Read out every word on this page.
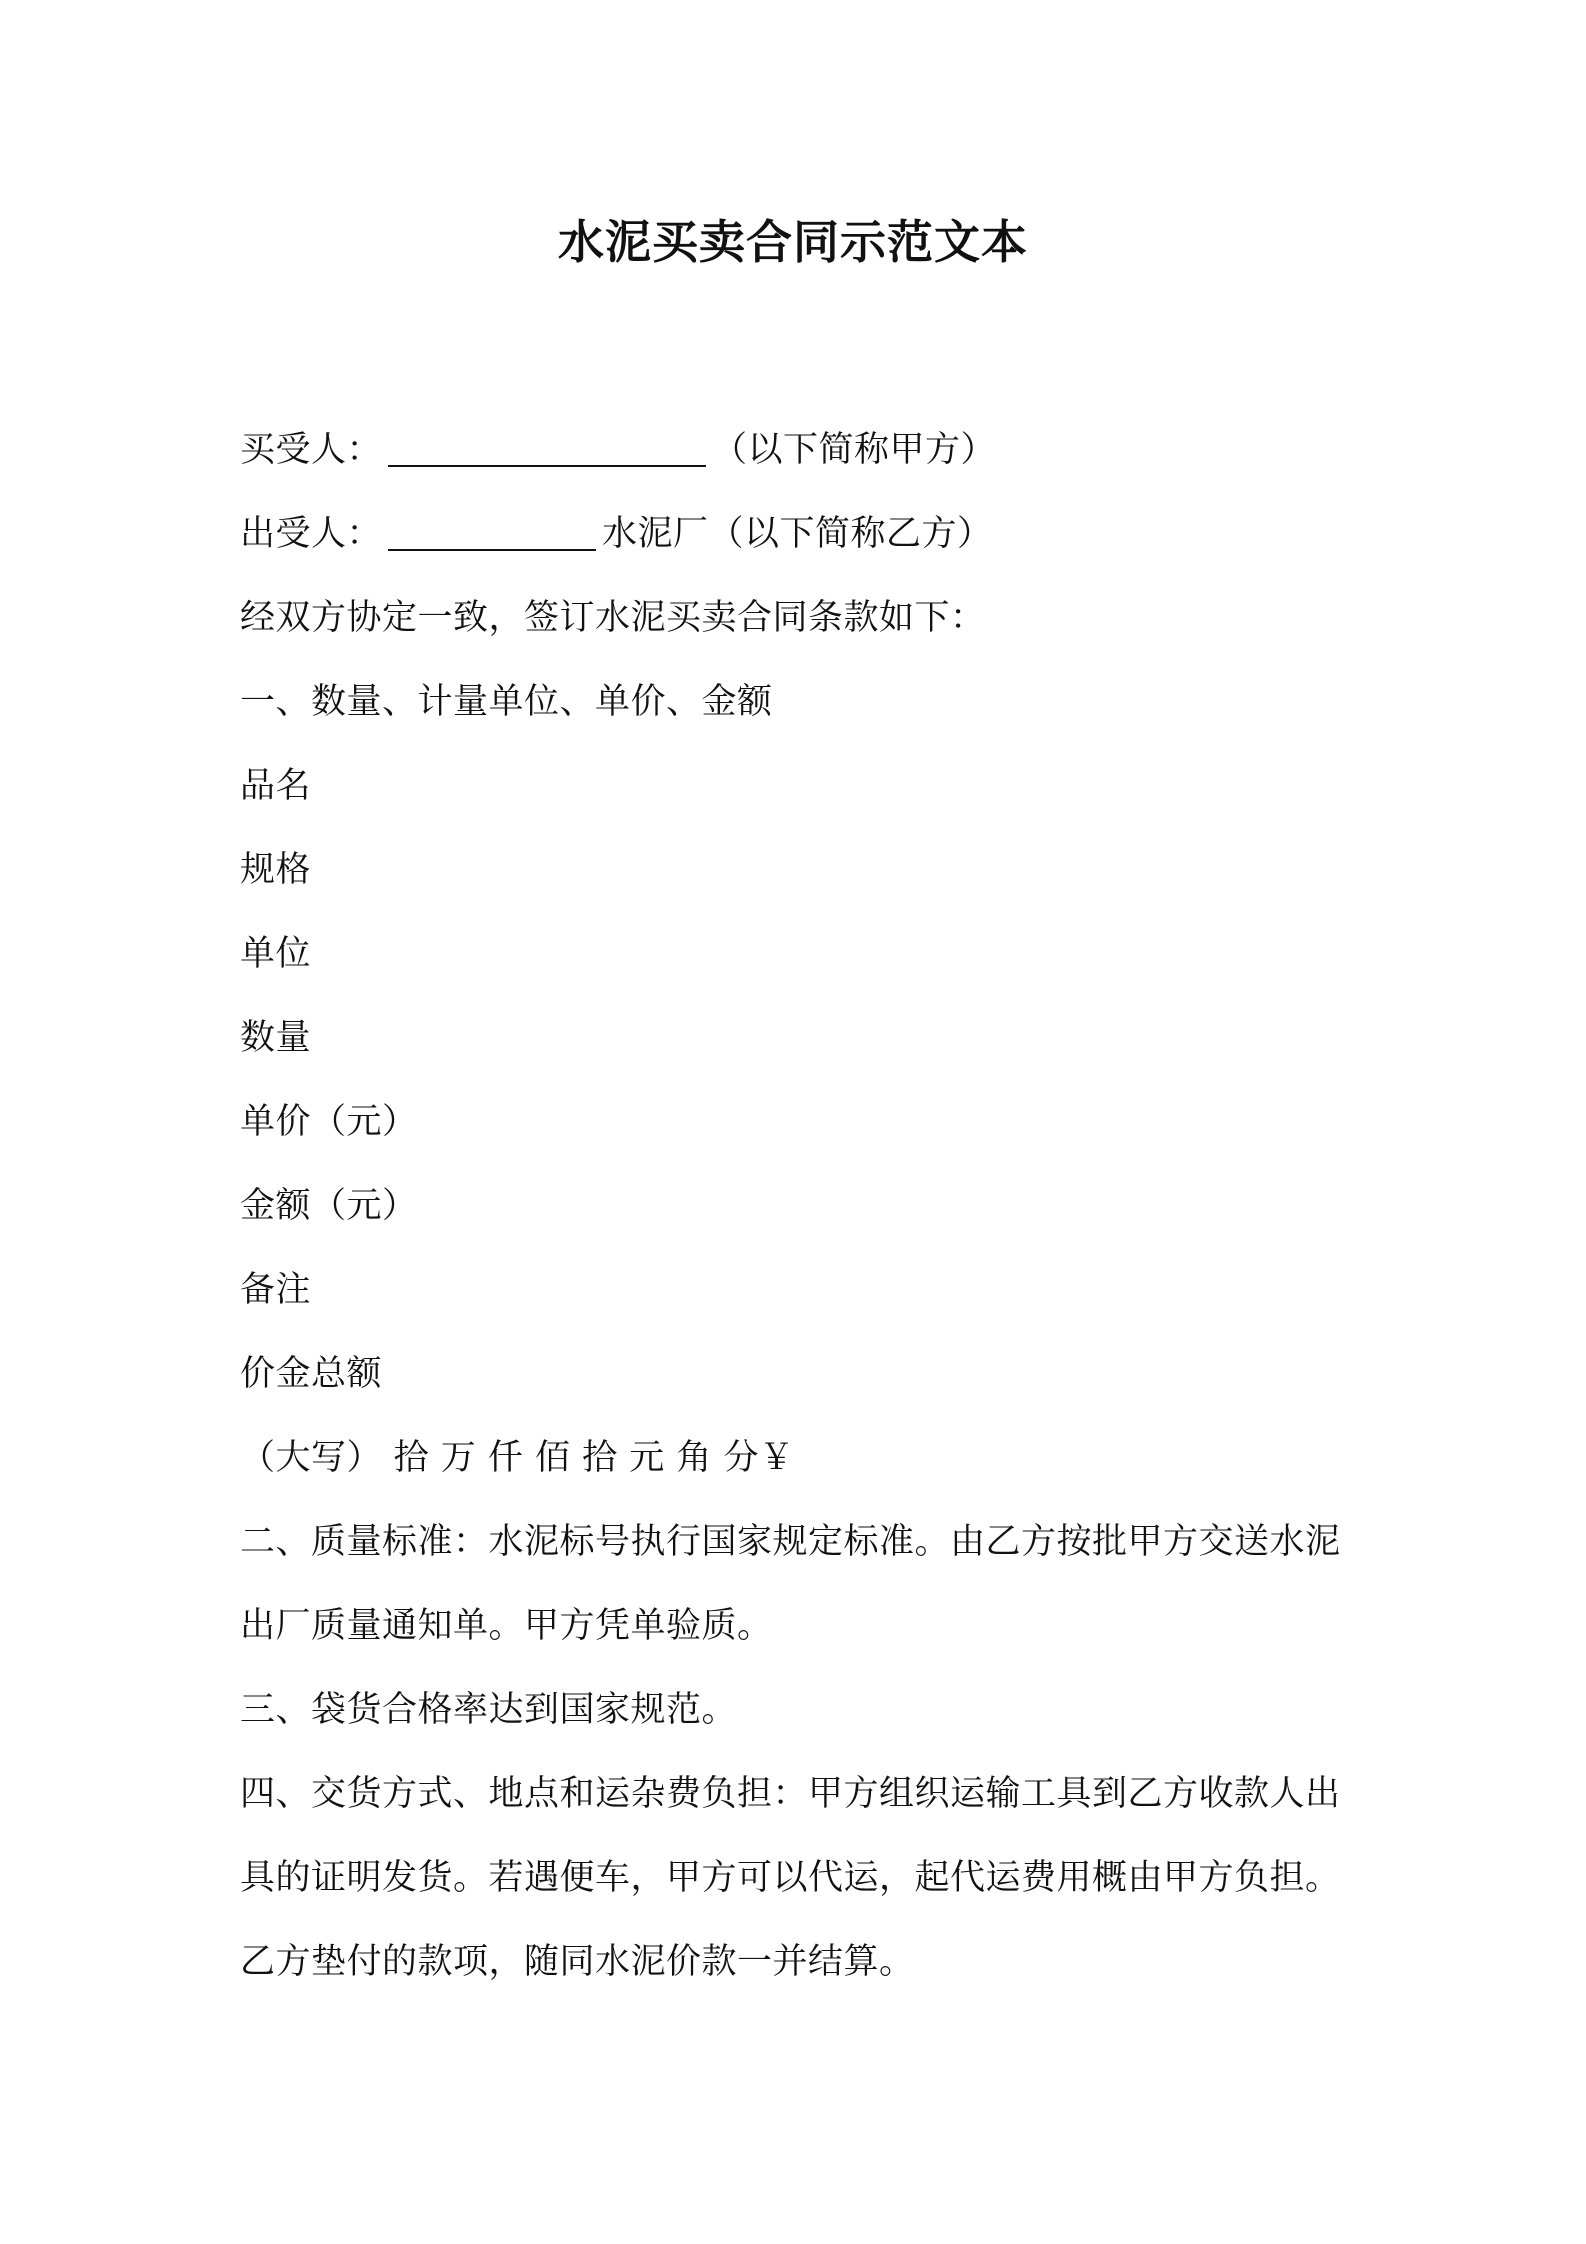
水泥买卖合同示范文本
买受人：	（以下简称甲方）
出受人：	水泥厂（以下简称乙方）
经双方协定一致，签订水泥买卖合同条款如下：
一、数量、计量单位、单价、金额
品名
规格
单位
数量
单价（元）
金额（元）
备注
价金总额
（大写） 拾 万 仟 佰 拾 元 角 分￥
二、质量标准：水泥标号执行国家规定标准。由乙方按批甲方交送水泥出厂质量通知单。甲方凭单验质。
三、袋货合格率达到国家规范。
四、交货方式、地点和运杂费负担：甲方组织运输工具到乙方收款人出具的证明发货。若遇便车，甲方可以代运，起代运费用概由甲方负担。乙方垫付的款项，随同水泥价款一并结算。
